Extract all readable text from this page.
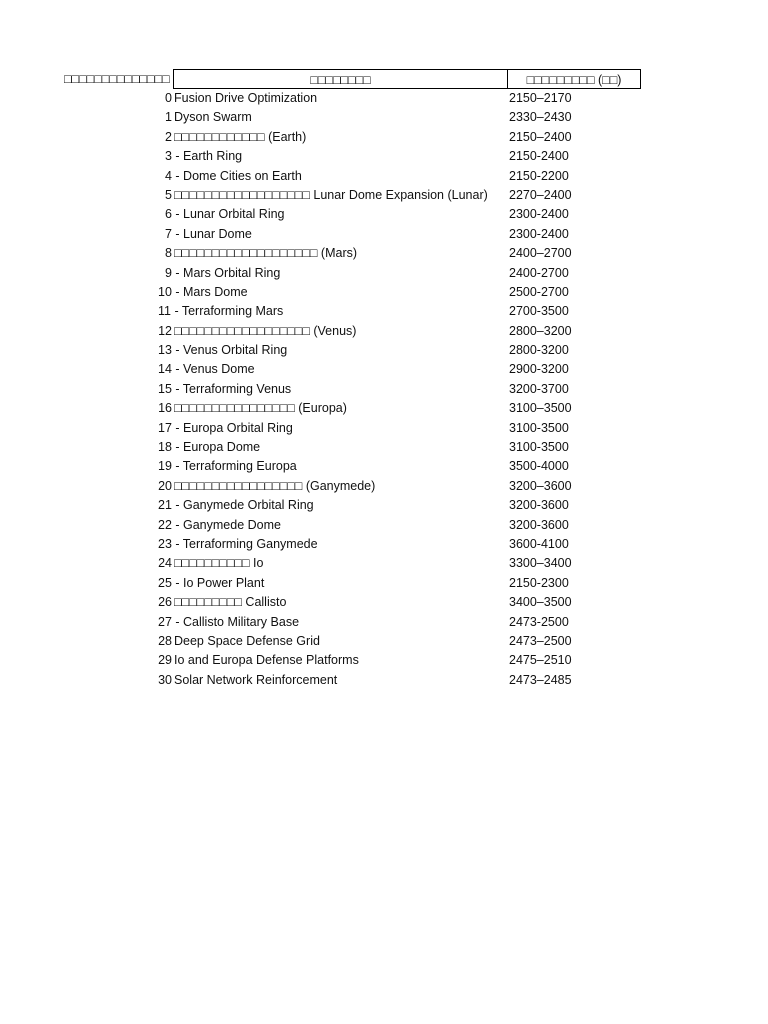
□□□□□□□□□□□□□□	□□□□□□□□	□□□□□□□□□ (□□)
0 Fusion Drive Optimization	2150–2170
1 Dyson Swarm	2330–2430
2 □□□□□□□□□□□□ (Earth)	2150–2400
3 - Earth Ring	2150-2400
4 - Dome Cities on Earth	2150-2200
5 □□□□□□□□□□□□□□□□□□ Lunar Dome Expansion (Lunar) 2270–2400
6 - Lunar Orbital Ring	2300-2400
7 - Lunar Dome	2300-2400
8 □□□□□□□□□□□□□□□□□□□ (Mars)	2400–2700
9 - Mars Orbital Ring	2400-2700
10 - Mars Dome	2500-2700
11 - Terraforming Mars	2700-3500
12 □□□□□□□□□□□□□□□□□□ (Venus)	2800–3200
13 - Venus Orbital Ring	2800-3200
14 - Venus Dome	2900-3200
15 - Terraforming Venus	3200-3700
16 □□□□□□□□□□□□□□□□ (Europa)	3100–3500
17 - Europa Orbital Ring	3100-3500
18 - Europa Dome	3100-3500
19 - Terraforming Europa	3500-4000
20 □□□□□□□□□□□□□□□□□ (Ganymede)	3200–3600
21 - Ganymede Orbital Ring	3200-3600
22 - Ganymede Dome	3200-3600
23 - Terraforming Ganymede	3600-4100
24 □□□□□□□□□□ Io	3300–3400
25 - Io Power Plant	2150-2300
26 □□□□□□□□□ Callisto	3400–3500
27 - Callisto Military Base	2473-2500
28 Deep Space Defense Grid	2473–2500
29 Io and Europa Defense Platforms	2475–2510
30 Solar Network Reinforcement	2473–2485
